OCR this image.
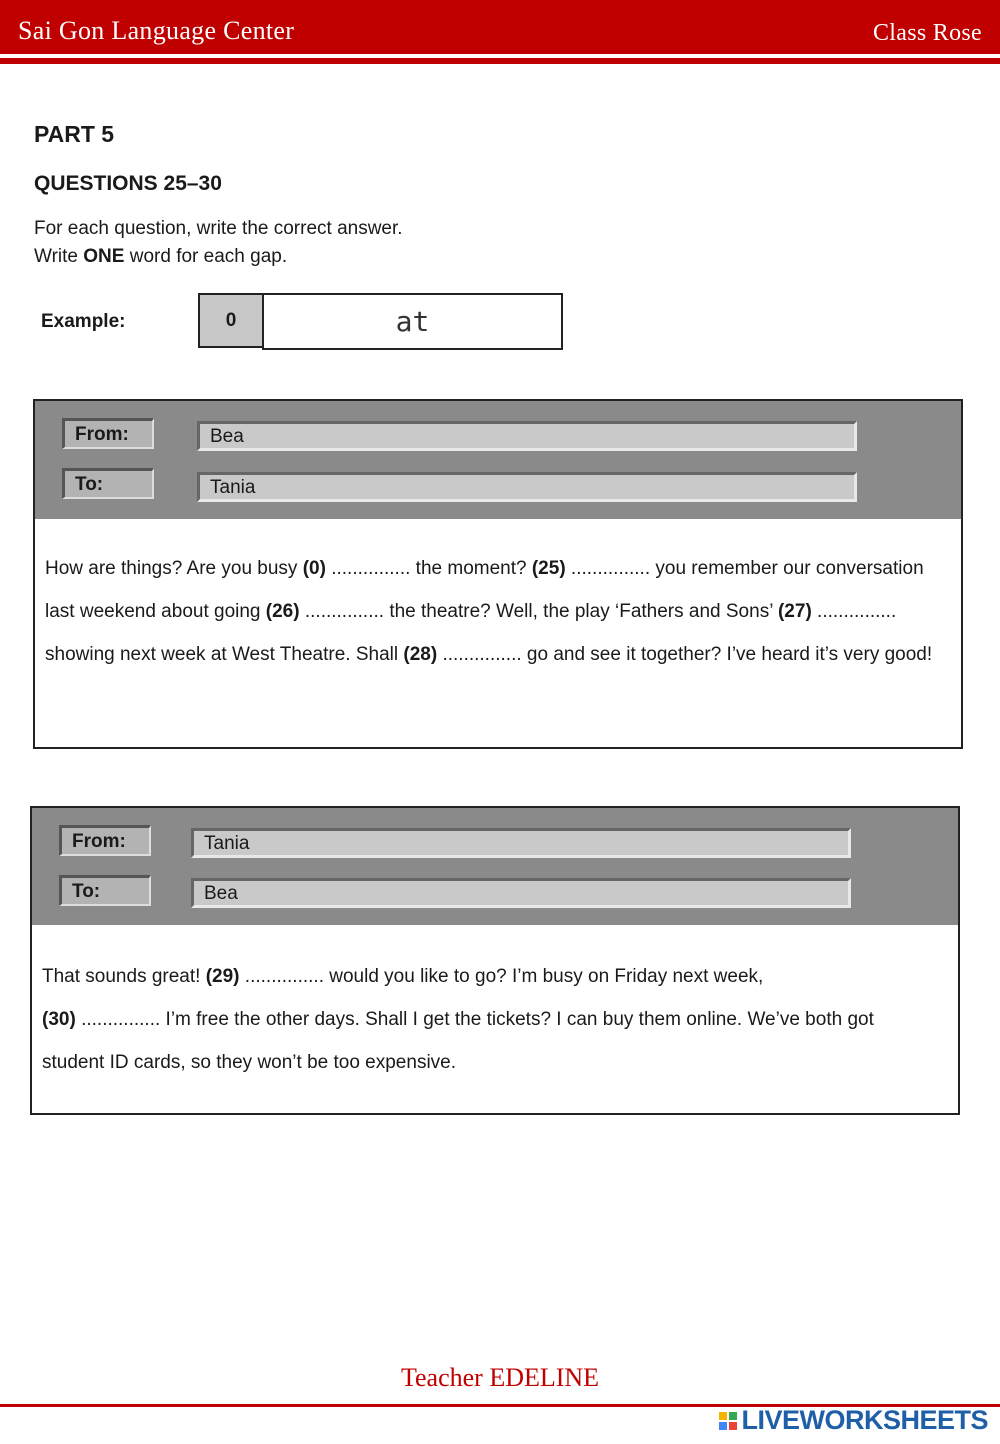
Sai Gon Language Center	Class Rose
PART 5
QUESTIONS 25–30
For each question, write the correct answer.
Write ONE word for each gap.
Example:	0	at
From:	Bea
To:	Tania
How are things? Are you busy (0) ............... the moment? (25) ............... you remember our conversation last weekend about going (26) ............... the theatre? Well, the play ‘Fathers and Sons’ (27) ............... showing next week at West Theatre. Shall (28) ............... go and see it together? I’ve heard it’s very good!
From:	Tania
To:	Bea
That sounds great! (29) ............... would you like to go? I’m busy on Friday next week,
(30) ............... I’m free the other days. Shall I get the tickets? I can buy them online. We’ve both got student ID cards, so they won’t be too expensive.
Teacher EDELINE
LIVEWORKSHEETS
